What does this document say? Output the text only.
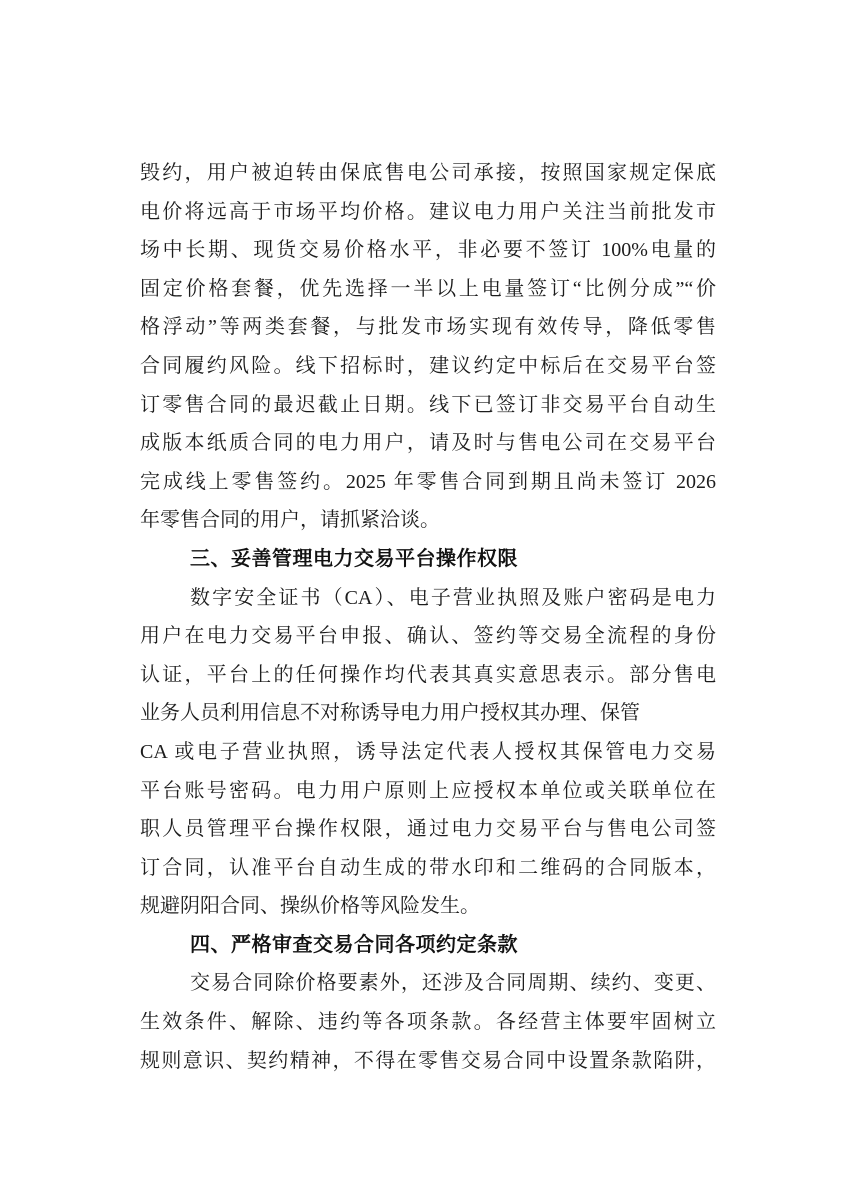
毁约，用户被迫转由保底售电公司承接，按照国家规定保底
电价将远高于市场平均价格。建议电力用户关注当前批发市
场中长期、现货交易价格水平，非必要不签订 100%电量的
固定价格套餐，优先选择一半以上电量签订“比例分成”“价
格浮动”等两类套餐，与批发市场实现有效传导，降低零售
合同履约风险。线下招标时，建议约定中标后在交易平台签
订零售合同的最迟截止日期。线下已签订非交易平台自动生
成版本纸质合同的电力用户，请及时与售电公司在交易平台
完成线上零售签约。2025 年零售合同到期且尚未签订 2026
年零售合同的用户，请抓紧洽谈。
三、妥善管理电力交易平台操作权限
数字安全证书（CA）、电子营业执照及账户密码是电力
用户在电力交易平台申报、确认、签约等交易全流程的身份
认证，平台上的任何操作均代表其真实意思表示。部分售电
业务人员利用信息不对称诱导电力用户授权其办理、保管
CA 或电子营业执照，诱导法定代表人授权其保管电力交易
平台账号密码。电力用户原则上应授权本单位或关联单位在
职人员管理平台操作权限，通过电力交易平台与售电公司签
订合同，认准平台自动生成的带水印和二维码的合同版本，
规避阴阳合同、操纵价格等风险发生。
四、严格审查交易合同各项约定条款
交易合同除价格要素外，还涉及合同周期、续约、变更、
生效条件、解除、违约等各项条款。各经营主体要牢固树立
规则意识、契约精神，不得在零售交易合同中设置条款陷阱，
